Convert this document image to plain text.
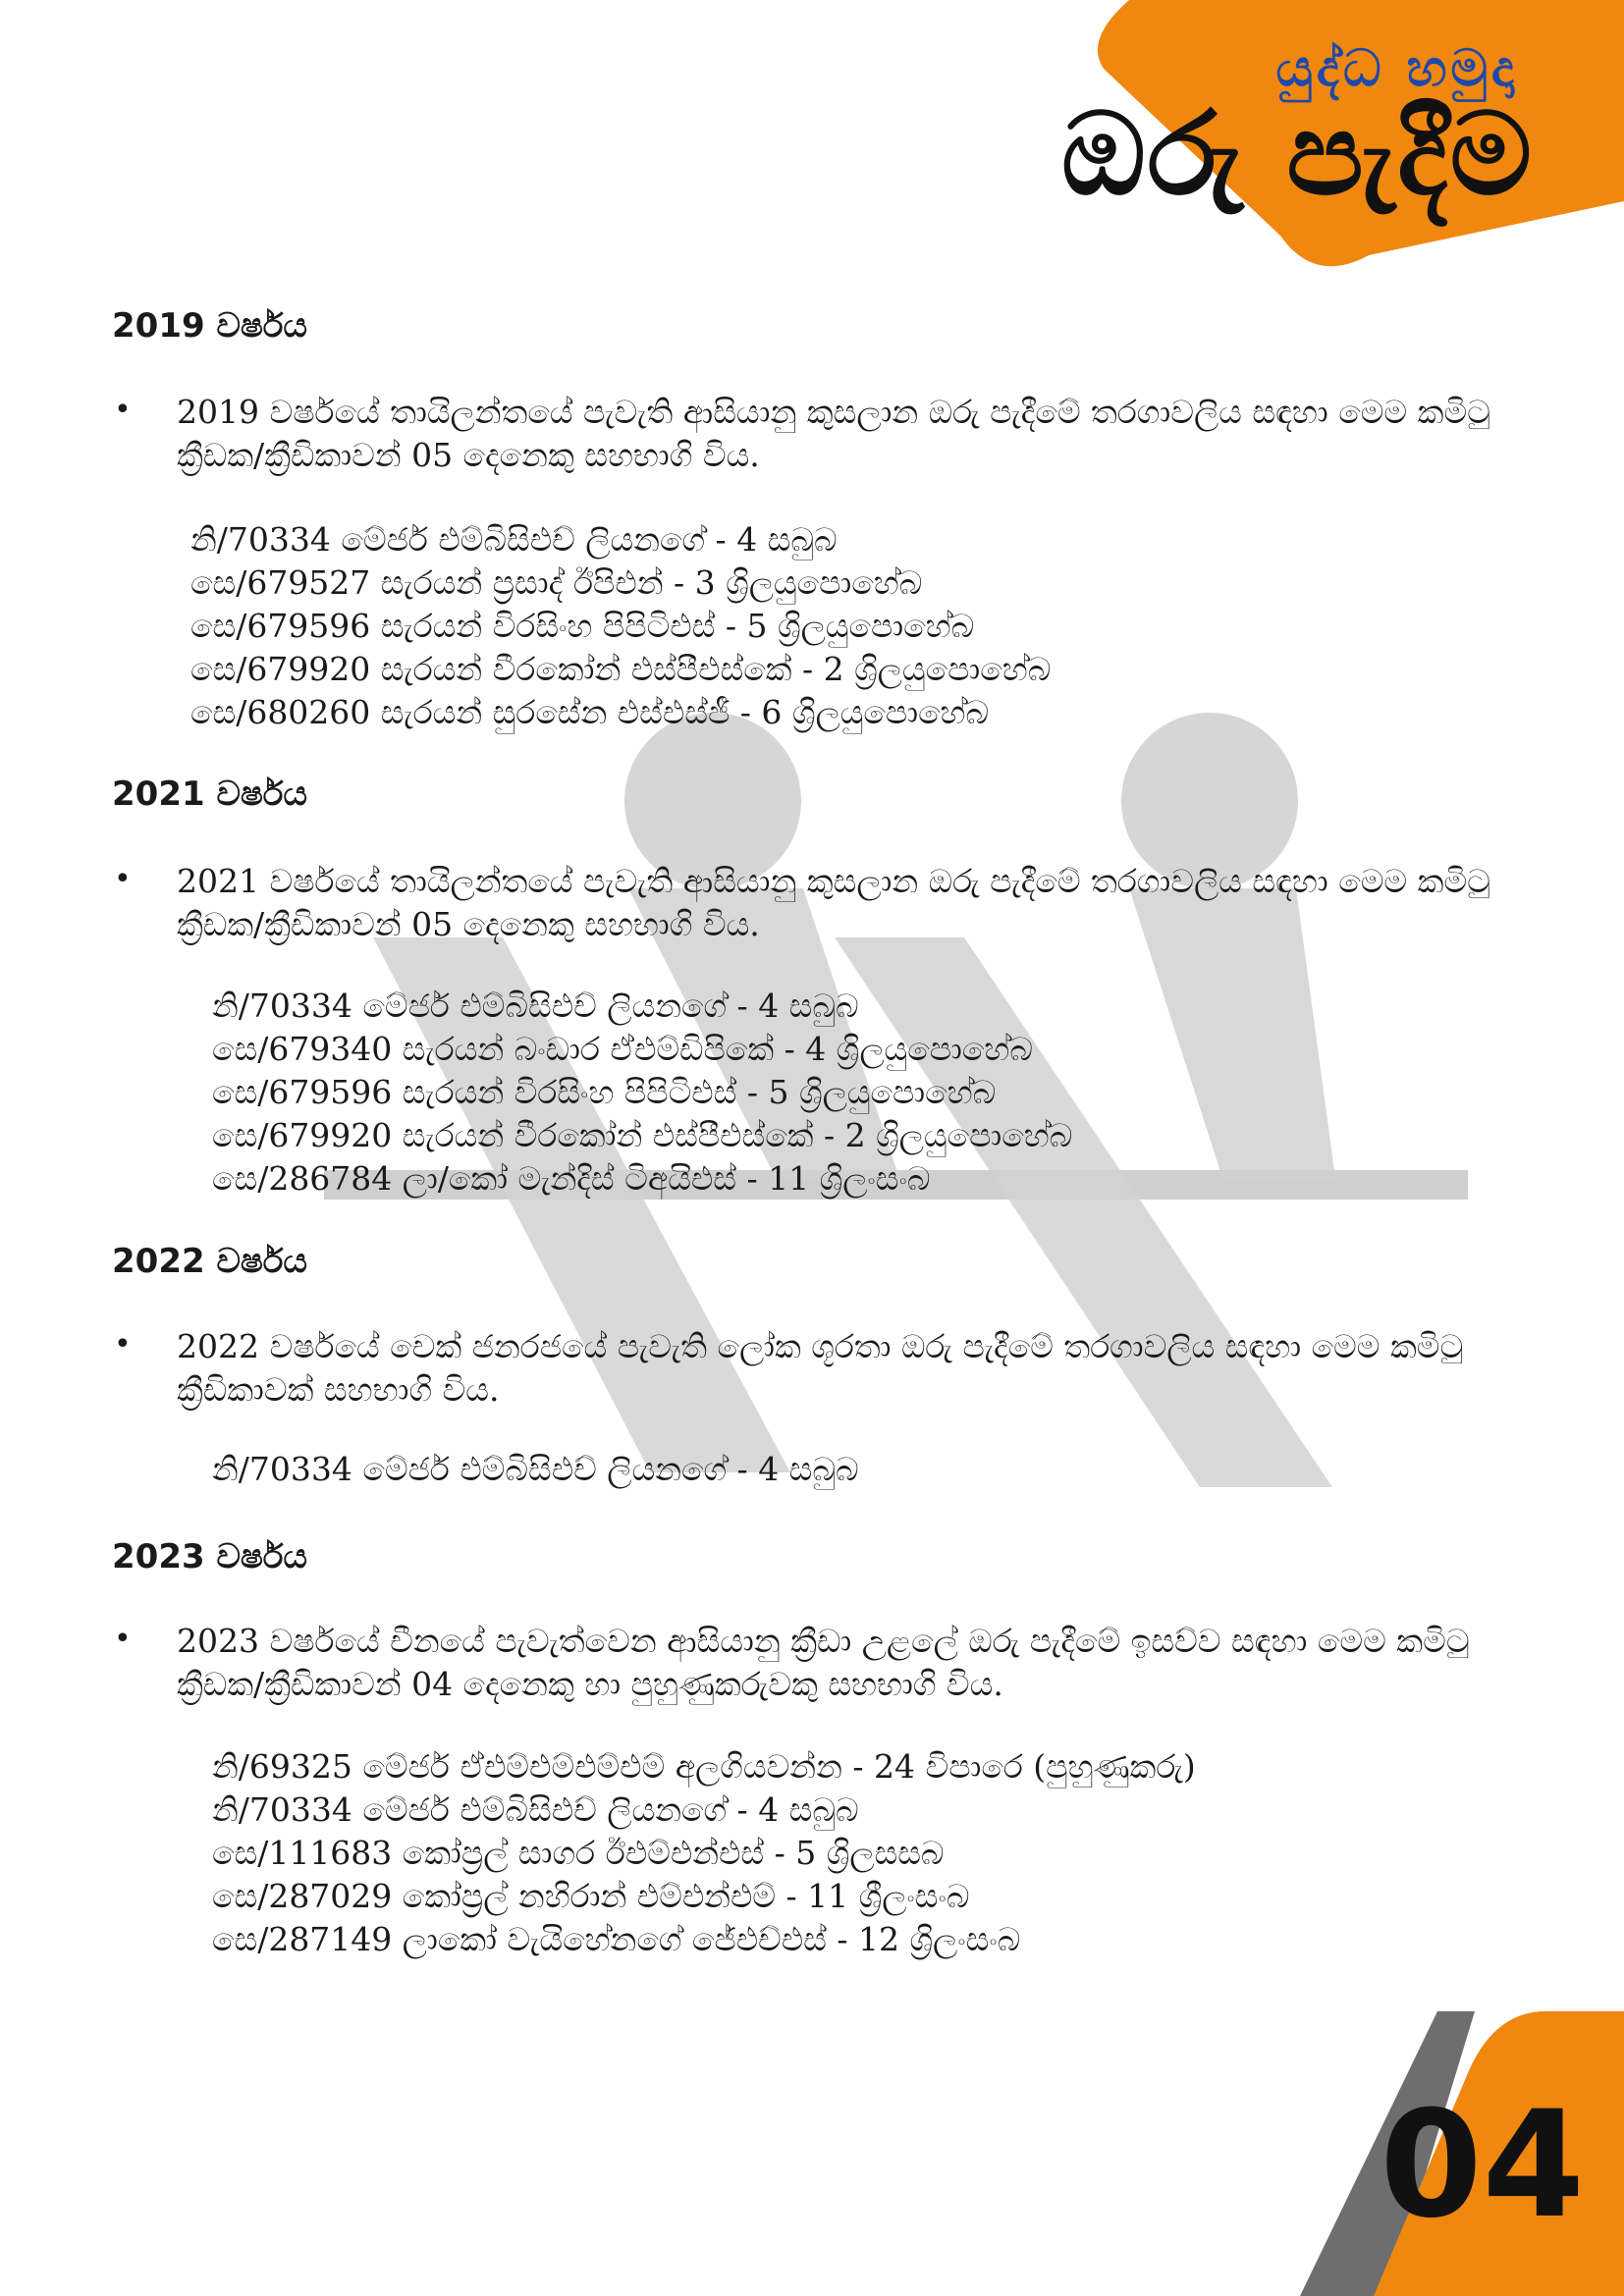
යුද්ධ හමුදා
ඔරු පැදීම
2019 වර්ෂය
• 2019 වර්ෂයේ තායිලන්තයේ පැවැති ආසියානු කුසලාන ඔරු පැදීමේ තරගාවලිය සඳහා මෙම කමිටු ක්‍රීඩක/ක්‍රීඩිකාවන් 05 දෙනෙකු සහභාගි විය.

නි/70334 මේජර් එම්බිසිඑච් ලියනගේ - 4 සබුබ
සෙ/679527 සැරයන් ප්‍රසාද් ඊපිඑන් - 3 ශ්‍රිලයුපොහේබ
සෙ/679596 සැරයන් විරසිංහ පිපිටිඑස් - 5 ශ්‍රිලයුපොහේබ
සෙ/679920 සැරයන් වීරකෝන් එස්පීඑස්කේ - 2 ශ්‍රිලයුපොහේබ
සෙ/680260 සැරයන් සුරසේන එස්එස්ජී - 6 ශ්‍රිලයුපොහේබ
2021 වර්ෂය
• 2021 වර්ෂයේ තායිලන්තයේ පැවැති ආසියානු කුසලාන ඔරු පැදීමේ තරගාවලිය සඳහා මෙම කමිටු ක්‍රීඩක/ක්‍රීඩිකාවන් 05 දෙනෙකු සහභාගි විය.

නි/70334 මේජර් එම්බිසිඑච් ලියනගේ - 4 සබුබ
සෙ/679340 සැරයන් බංඩාර ඒඑම්ඩිපිකේ - 4 ශ්‍රිලයුපොහේබ
සෙ/679596 සැරයන් විරසිංහ පිපිටිඑස් - 5 ශ්‍රිලයුපොහේබ
සෙ/679920 සැරයන් වීරකෝන් එස්පීඑස්කේ - 2 ශ්‍රිලයුපොහේබ
සෙ/286784 ලා/කෝ මැන්දිස් ටිඅයිඑස් - 11 ශ්‍රිලංසංබ
2022 වර්ෂය
• 2022 වර්ෂයේ චෙක් ජනරජයේ පැවැති ලෝක ශූරතා ඔරු පැදීමේ තරගාවලිය සඳහා මෙම කමිටු ක්‍රීඩිකාවක් සහභාගි විය.

නි/70334 මේජර් එම්බිසිඑච් ලියනගේ - 4 සබුබ
2023 වර්ෂය
• 2023 වර්ෂයේ චීනයේ පැවැත්වෙන ආසියානු ක්‍රීඩා උළලේ ඔරු පැදීමේ ඉසව්ව සඳහා මෙම කමිටු ක්‍රීඩක/ක්‍රීඩිකාවන් 04 දෙනෙකු හා පුහුණුකරුවකු සහභාගි විය.

නි/69325 මේජර් ඒඑම්එම්එම්එම් අලගියවන්න - 24 විපාරෙ (පුහුණුකරු)
නි/70334 මේජර් එම්බිසිඑච් ලියනගේ - 4 සබුබ
සෙ/111683 කෝප්‍රල් සාගර ඊඑම්එන්එස් - 5 ශ්‍රිලසසබ
සෙ/287029 කෝප්‍රල් නහිරාන් එම්එන්එම් - 11 ශ්‍රීලංසංබ
සෙ/287149 ලාකෝ වැයිහේනගේ ජේඑච්එස් - 12 ශ්‍රිලංසංබ
04
